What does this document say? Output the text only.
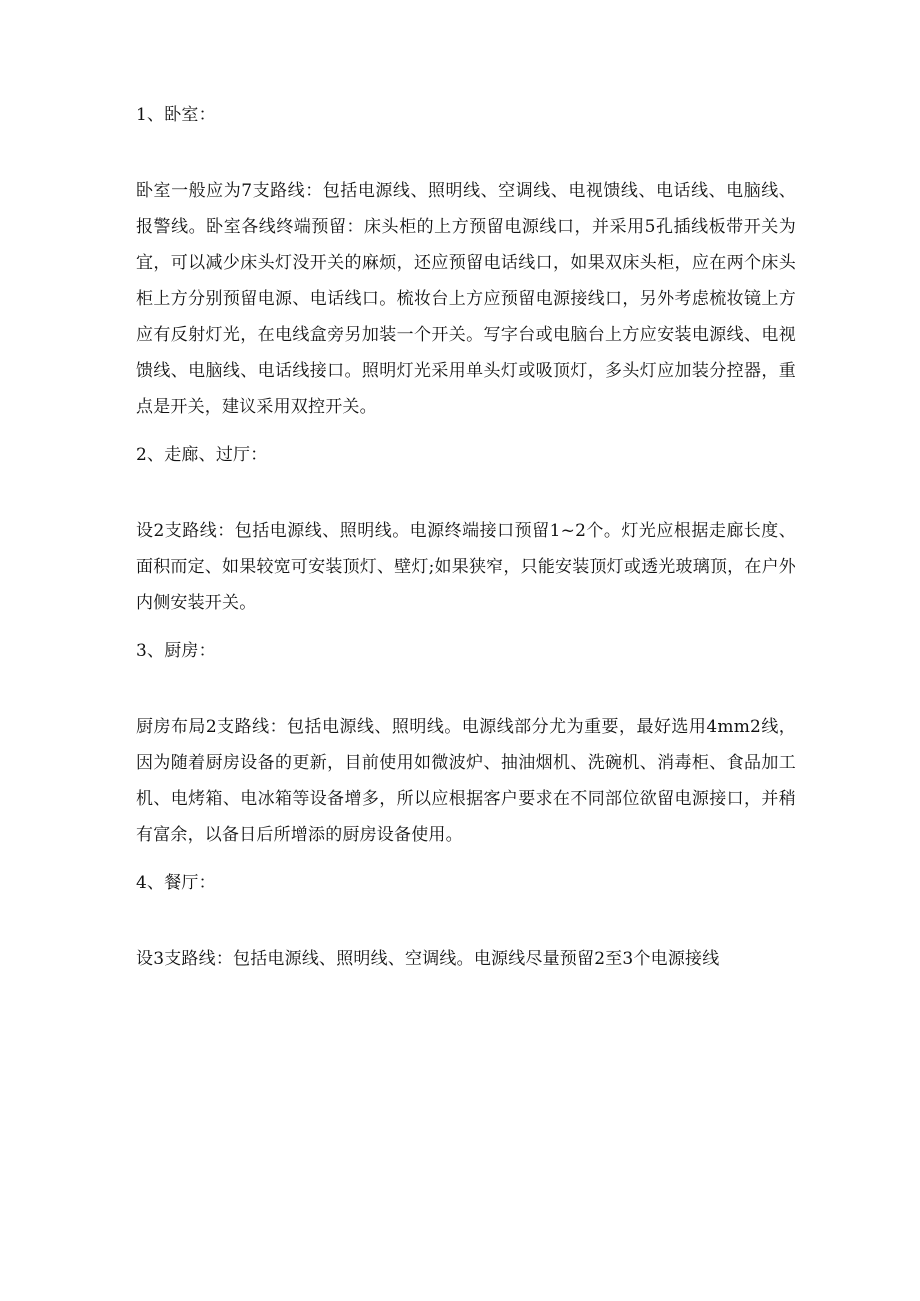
1、卧室：

卧室一般应为7支路线：包括电源线、照明线、空调线、电视馈线、电话线、电脑线、报警线。卧室各线终端预留：床头柜的上方预留电源线口，并采用5孔插线板带开关为宜，可以减少床头灯没开关的麻烦，还应预留电话线口，如果双床头柜，应在两个床头柜上方分别预留电源、电话线口。梳妆台上方应预留电源接线口，另外考虑梳妆镜上方应有反射灯光，在电线盒旁另加装一个开关。写字台或电脑台上方应安装电源线、电视馈线、电脑线、电话线接口。照明灯光采用单头灯或吸顶灯，多头灯应加装分控器，重点是开关，建议采用双控开关。

2、走廊、过厅：

设2支路线：包括电源线、照明线。电源终端接口预留1~2个。灯光应根据走廊长度、面积而定、如果较宽可安装顶灯、壁灯;如果狭窄，只能安装顶灯或透光玻璃顶，在户外内侧安装开关。

3、厨房：

厨房布局2支路线：包括电源线、照明线。电源线部分尤为重要，最好选用4mm2线，因为随着厨房设备的更新，目前使用如微波炉、抽油烟机、洗碗机、消毒柜、食品加工机、电烤箱、电冰箱等设备增多，所以应根据客户要求在不同部位欲留电源接口，并稍有富余，以备日后所增添的厨房设备使用。

4、餐厅：

设3支路线：包括电源线、照明线、空调线。电源线尽量预留2至3个电源接线
